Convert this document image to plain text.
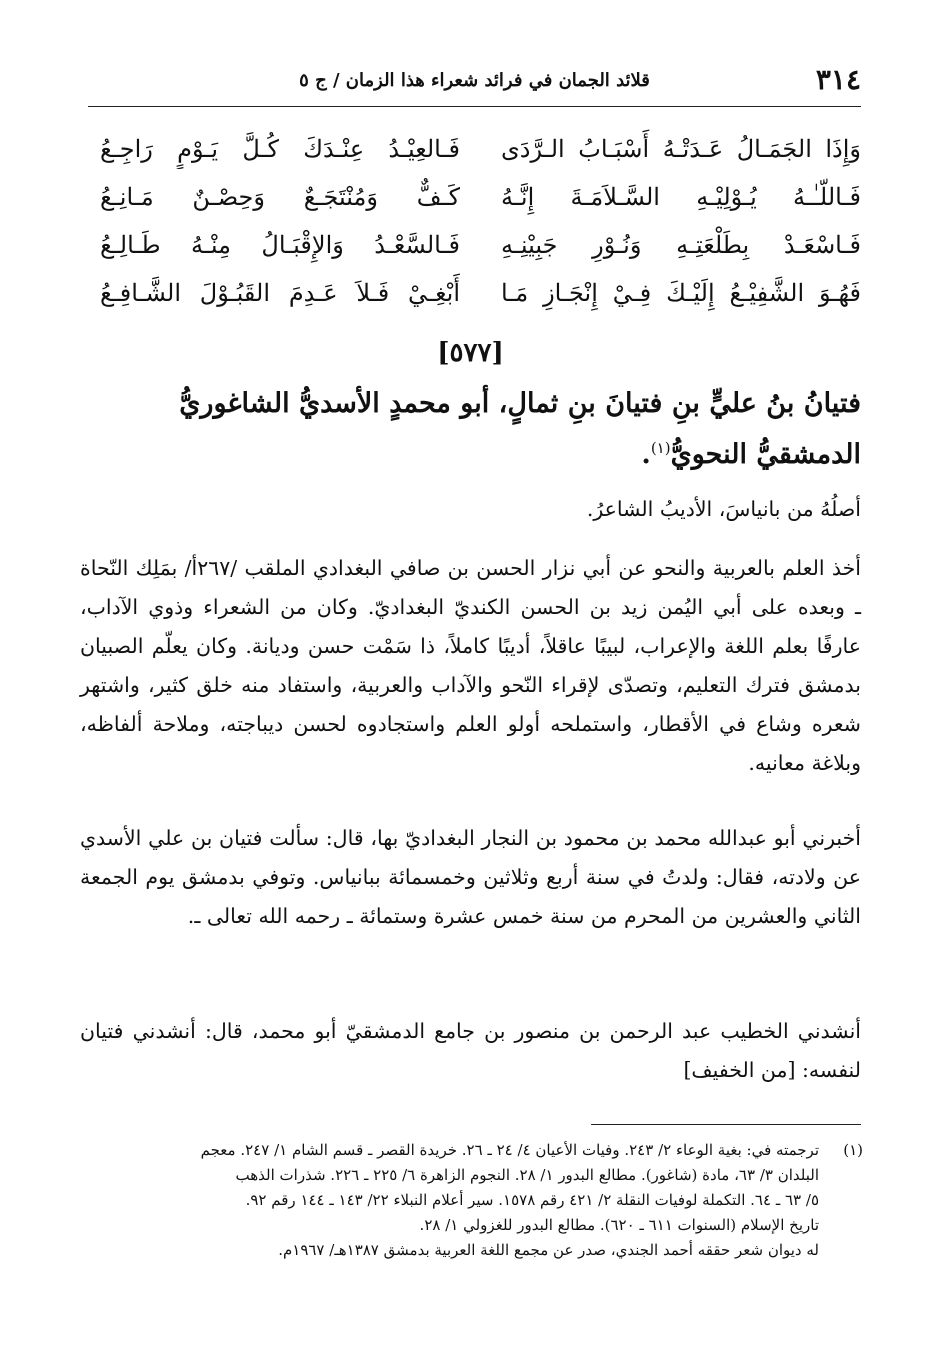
٣١٤
قلائد الجمان في فرائد شعراء هذا الزمان / ج ٥
وَإِذَا الجَمَـالُ عَـدَتْـهُ أَسْبَـابُ الـرَّدَى
فَـالعِيْـدُ عِنْـدَكَ كُـلَّ يَـوْمٍ رَاجِـعُ
فَـاللّـٰـهُ يُـوْلِيْـهِ السَّـلاَمَـةَ إِنَّـهُ
كَـفٌّ وَمُنْتَجَـعٌ وَحِصْـنٌ مَـانِـعُ
فَـاسْعَـدْ بِطَلْعَتِـهِ وَنُـوْرِ جَبِيْنِـهِ
فَـالسَّعْـدُ وَالإِقْبَـالُ مِنْـهُ طَـالِـعُ
فَهُـوَ الشَّفِيْـعُ إِلَيْـكَ فِـيْ إِنْجَـازِ مَـا
أَبْغِـيْ فَـلاَ عَـدِمَ القَبُـوْلَ الشَّـافِـعُ
[٥٧٧]
فتيانُ بنُ عليٍّ بنِ فتيانَ بنِ ثمالٍ، أبو محمدٍ الأسديُّ الشاغوريُّ
الدمشقيُّ النحويُّ$^{(١)}$.

أصلُهُ من بانياسَ، الأديبُ الشاعرُ.

أخذ العلم بالعربية والنحو عن أبي نزار الحسن بن صافي البغدادي الملقب /٢٦٧أ/ بمَلِك النّحاة ـ وبعده على أبي اليُمن زيد بن الحسن الكنديّ البغداديّ. وكان من الشعراء وذوي الآداب، عارفًا بعلم اللغة والإعراب، لبيبًا عاقلاً، أديبًا كاملاً، ذا سَمْت حسن وديانة. وكان يعلّم الصبيان بدمشق فترك التعليم، وتصدّى لإقراء النّحو والآداب والعربية، واستفاد منه خلق كثير، واشتهر شعره وشاع في الأقطار، واستملحه أولو العلم واستجادوه لحسن ديباجته، وملاحة ألفاظه، وبلاغة معانيه.

أخبرني أبو عبدالله محمد بن محمود بن النجار البغداديّ بها، قال: سألت فتيان بن علي الأسدي عن ولادته، فقال: ولدتُ في سنة أربع وثلاثين وخمسمائة ببانياس. وتوفي بدمشق يوم الجمعة الثاني والعشرين من المحرم من سنة خمس عشرة وستمائة ـ رحمه الله تعالى ـ.

أنشدني الخطيب عبد الرحمن بن منصور بن جامع الدمشقيّ أبو محمد، قال: أنشدني فتيان لنفسه: [من الخفيف]

(١)
ترجمته في: بغية الوعاء ٢/ ٢٤٣. وفيات الأعيان ٤/ ٢٤ ـ ٢٦. خريدة القصر ـ قسم الشام ١/ ٢٤٧. معجم
البلدان ٣/ ٦٣، مادة (شاغور). مطالع البدور ١/ ٢٨. النجوم الزاهرة ٦/ ٢٢٥ ـ ٢٢٦. شذرات الذهب
٥/ ٦٣ ـ ٦٤. التكملة لوفيات النقلة ٢/ ٤٢١ رقم ١٥٧٨. سير أعلام النبلاء ٢٢/ ١٤٣ ـ ١٤٤ رقم ٩٢.
تاريخ الإسلام (السنوات ٦١١ ـ ٦٢٠). مطالع البدور للغزولي ١/ ٢٨.
له ديوان شعر حققه أحمد الجندي، صدر عن مجمع اللغة العربية بدمشق ١٣٨٧هـ/ ١٩٦٧م.
